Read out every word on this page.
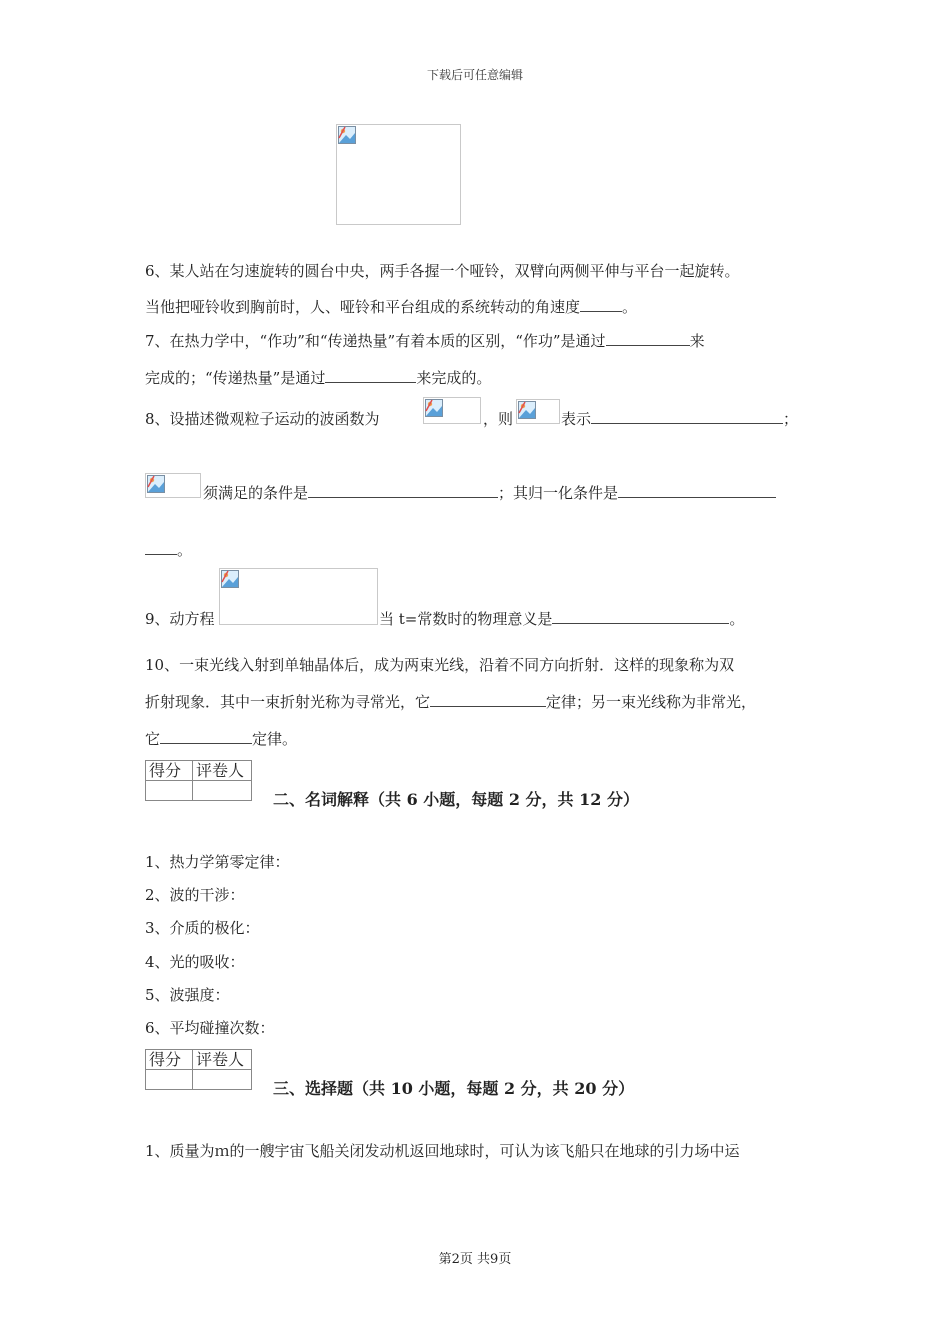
下载后可任意编辑
6、某人站在匀速旋转的圆台中央，两手各握一个哑铃，双臂向两侧平伸与平台一起旋转。
当他把哑铃收到胸前时，人、哑铃和平台组成的系统转动的角速度	。
7、在热力学中，“作功”和“传递热量”有着本质的区别，“作功”是通过	来
完成的；“传递热量”是通过	来完成的。
8、设描述微观粒子运动的波函数为	，则	表示	；
须满足的条件是	；其归一化条件是
。
9、动方程	当 t=常数时的物理意义是	。
10、一束光线入射到单轴晶体后，成为两束光线，沿着不同方向折射．这样的现象称为双
折射现象．其中一束折射光称为寻常光，它	定律；另一束光线称为非常光，
它	定律。
得分	评卷人

二、名词解释（共 6 小题，每题 2 分，共 12 分）
1、热力学第零定律：
2、波的干涉：
3、介质的极化：
4、光的吸收：
5、波强度：
6、平均碰撞次数：
得分	评卷人

三、选择题（共 10 小题，每题 2 分，共 20 分）
1、质量为ｍ的一艘宇宙飞船关闭发动机返回地球时，可认为该飞船只在地球的引力场中运
第2页 共9页
